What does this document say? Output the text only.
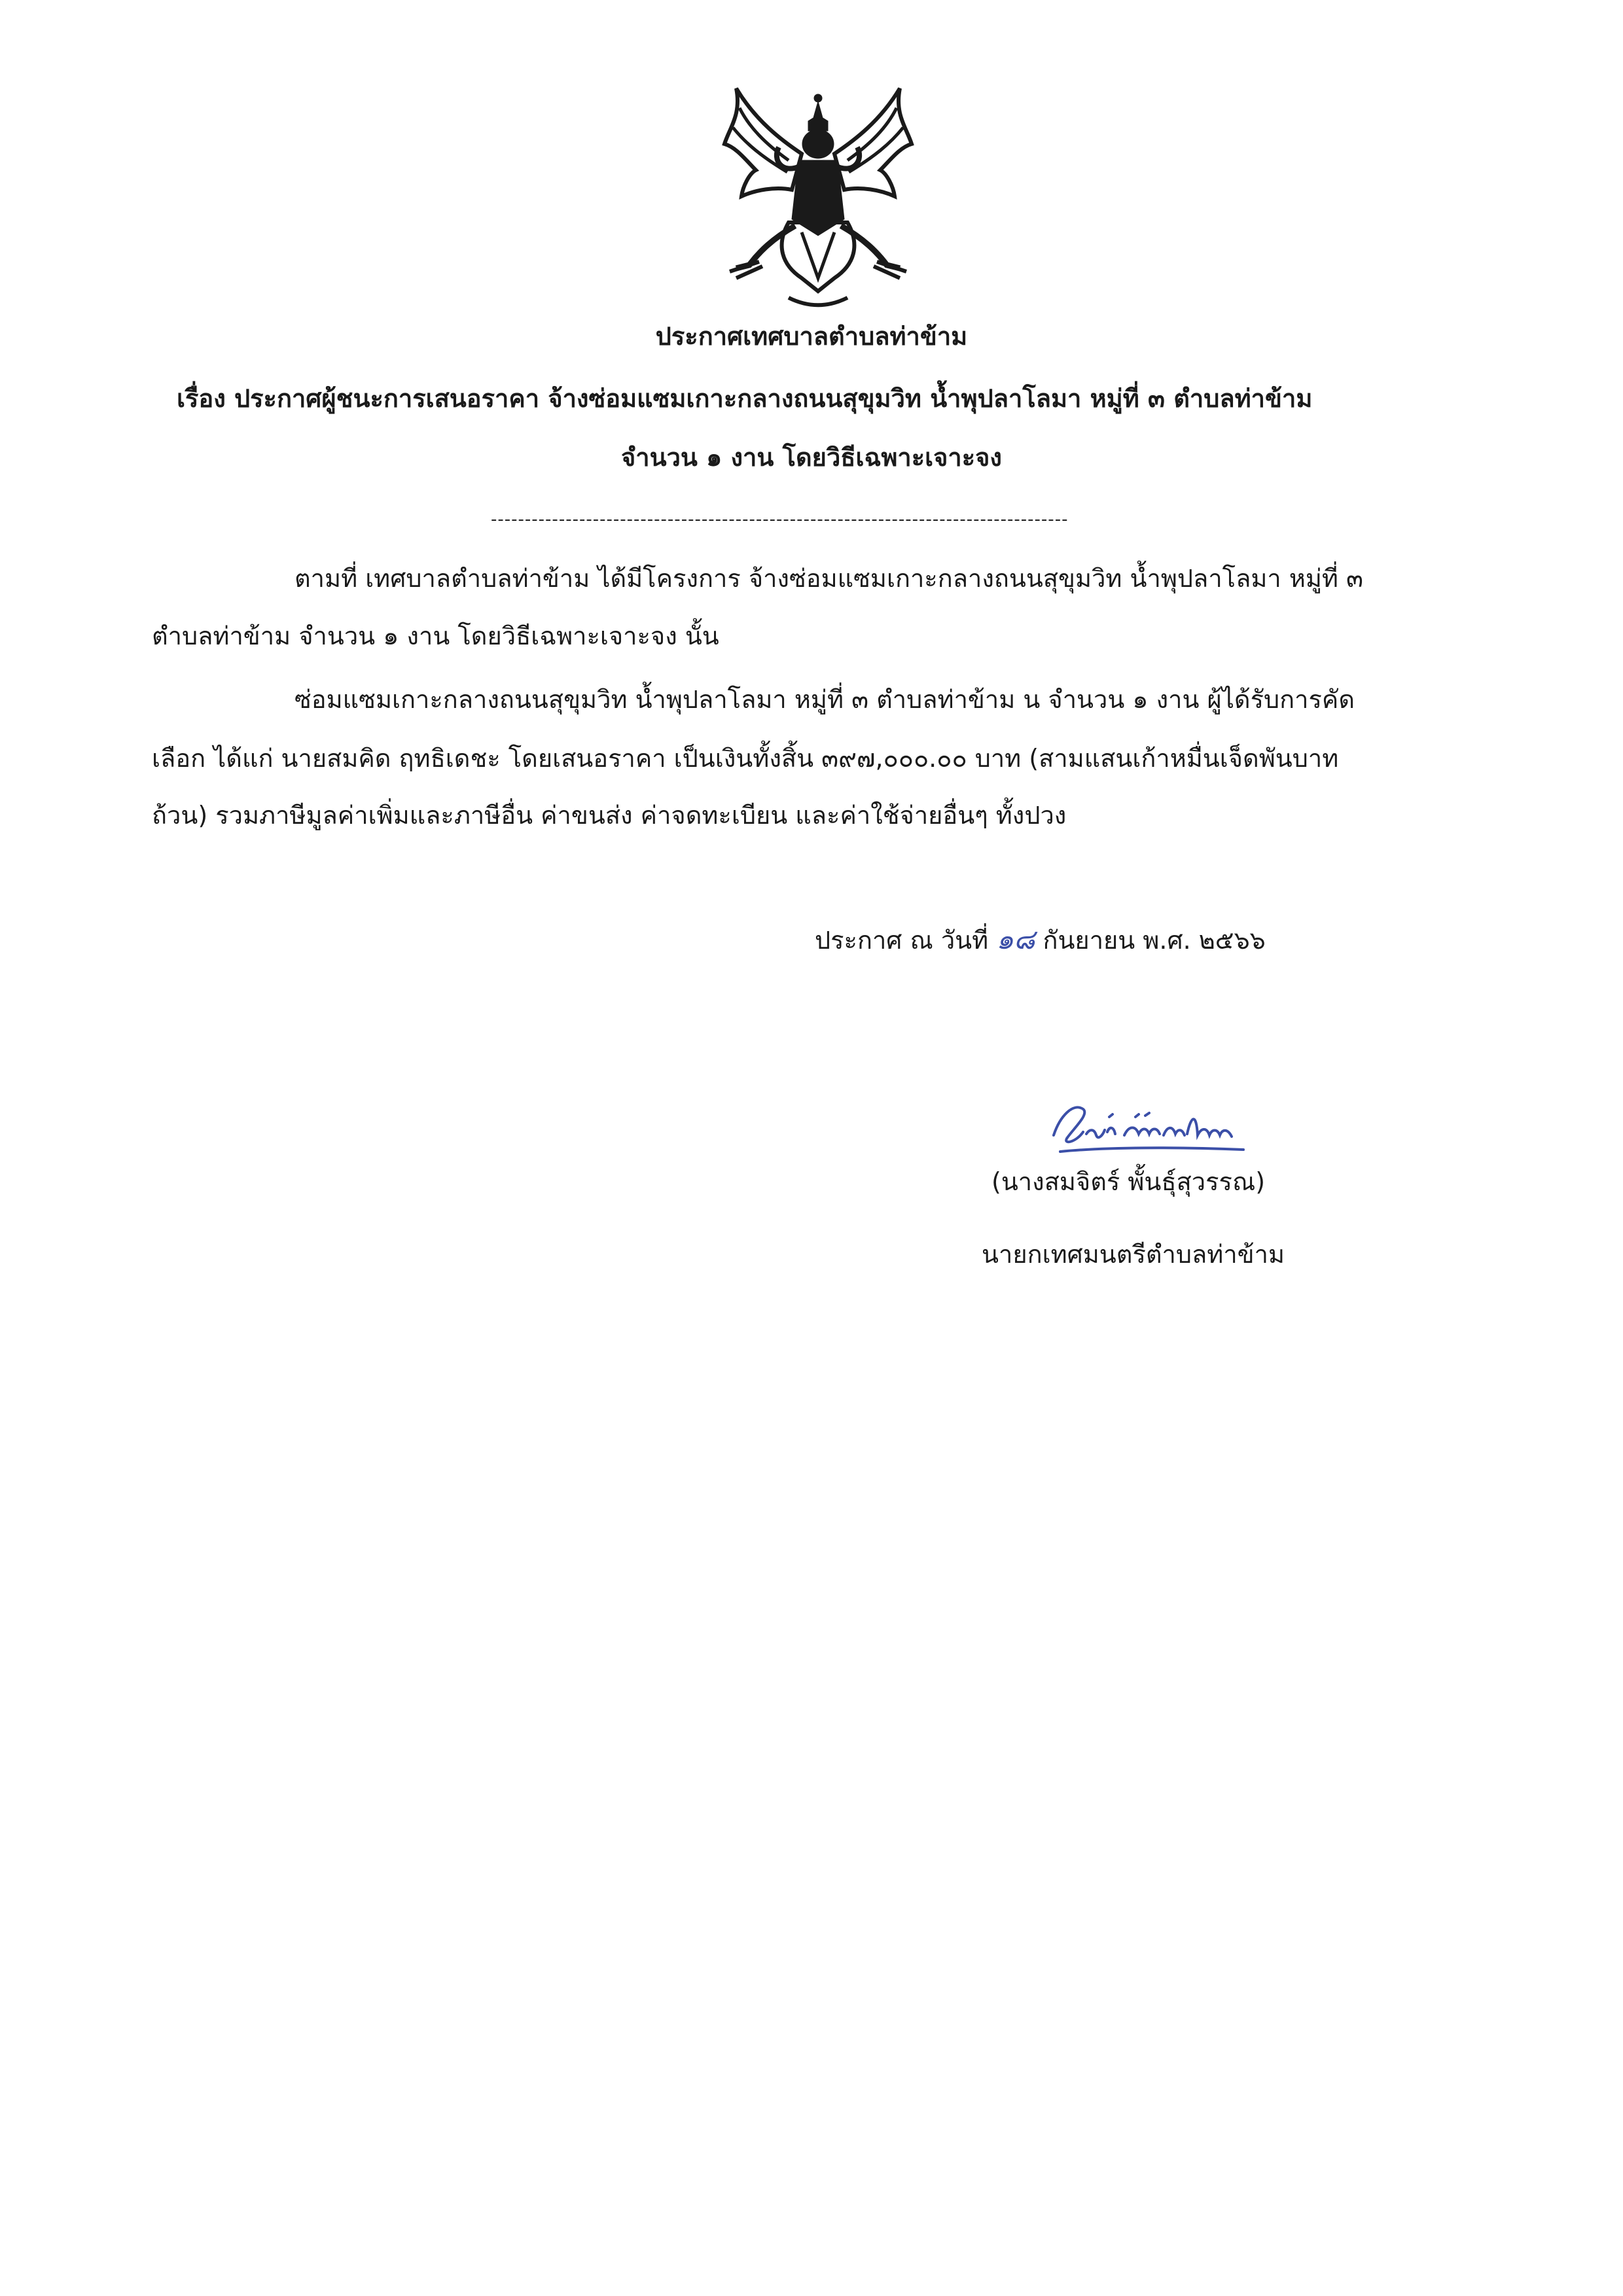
ประกาศเทศบาลตำบลท่าข้าม
เรื่อง ประกาศผู้ชนะการเสนอราคา จ้างซ่อมแซมเกาะกลางถนนสุขุมวิท น้ำพุปลาโลมา หมู่ที่ ๓ ตำบลท่าข้าม
จำนวน ๑ งาน โดยวิธีเฉพาะเจาะจง
-------------------------------------------------------------------------------------
ตามที่ เทศบาลตำบลท่าข้าม ได้มีโครงการ จ้างซ่อมแซมเกาะกลางถนนสุขุมวิท น้ำพุปลาโลมา หมู่ที่ ๓
ตำบลท่าข้าม จำนวน ๑ งาน โดยวิธีเฉพาะเจาะจง นั้น
ซ่อมแซมเกาะกลางถนนสุขุมวิท น้ำพุปลาโลมา หมู่ที่ ๓ ตำบลท่าข้าม น จำนวน ๑ งาน ผู้ได้รับการคัด
เลือก ได้แก่ นายสมคิด ฤทธิเดชะ โดยเสนอราคา เป็นเงินทั้งสิ้น ๓๙๗,๐๐๐.๐๐ บาท (สามแสนเก้าหมื่นเจ็ดพันบาท
ถ้วน) รวมภาษีมูลค่าเพิ่มและภาษีอื่น ค่าขนส่ง ค่าจดทะเบียน และค่าใช้จ่ายอื่นๆ ทั้งปวง
ประกาศ ณ วันที่ ๑๘ กันยายน พ.ศ. ๒๕๖๖
(นางสมจิตร์ พั้นธุ์สุวรรณ)
นายกเทศมนตรีตำบลท่าข้าม
